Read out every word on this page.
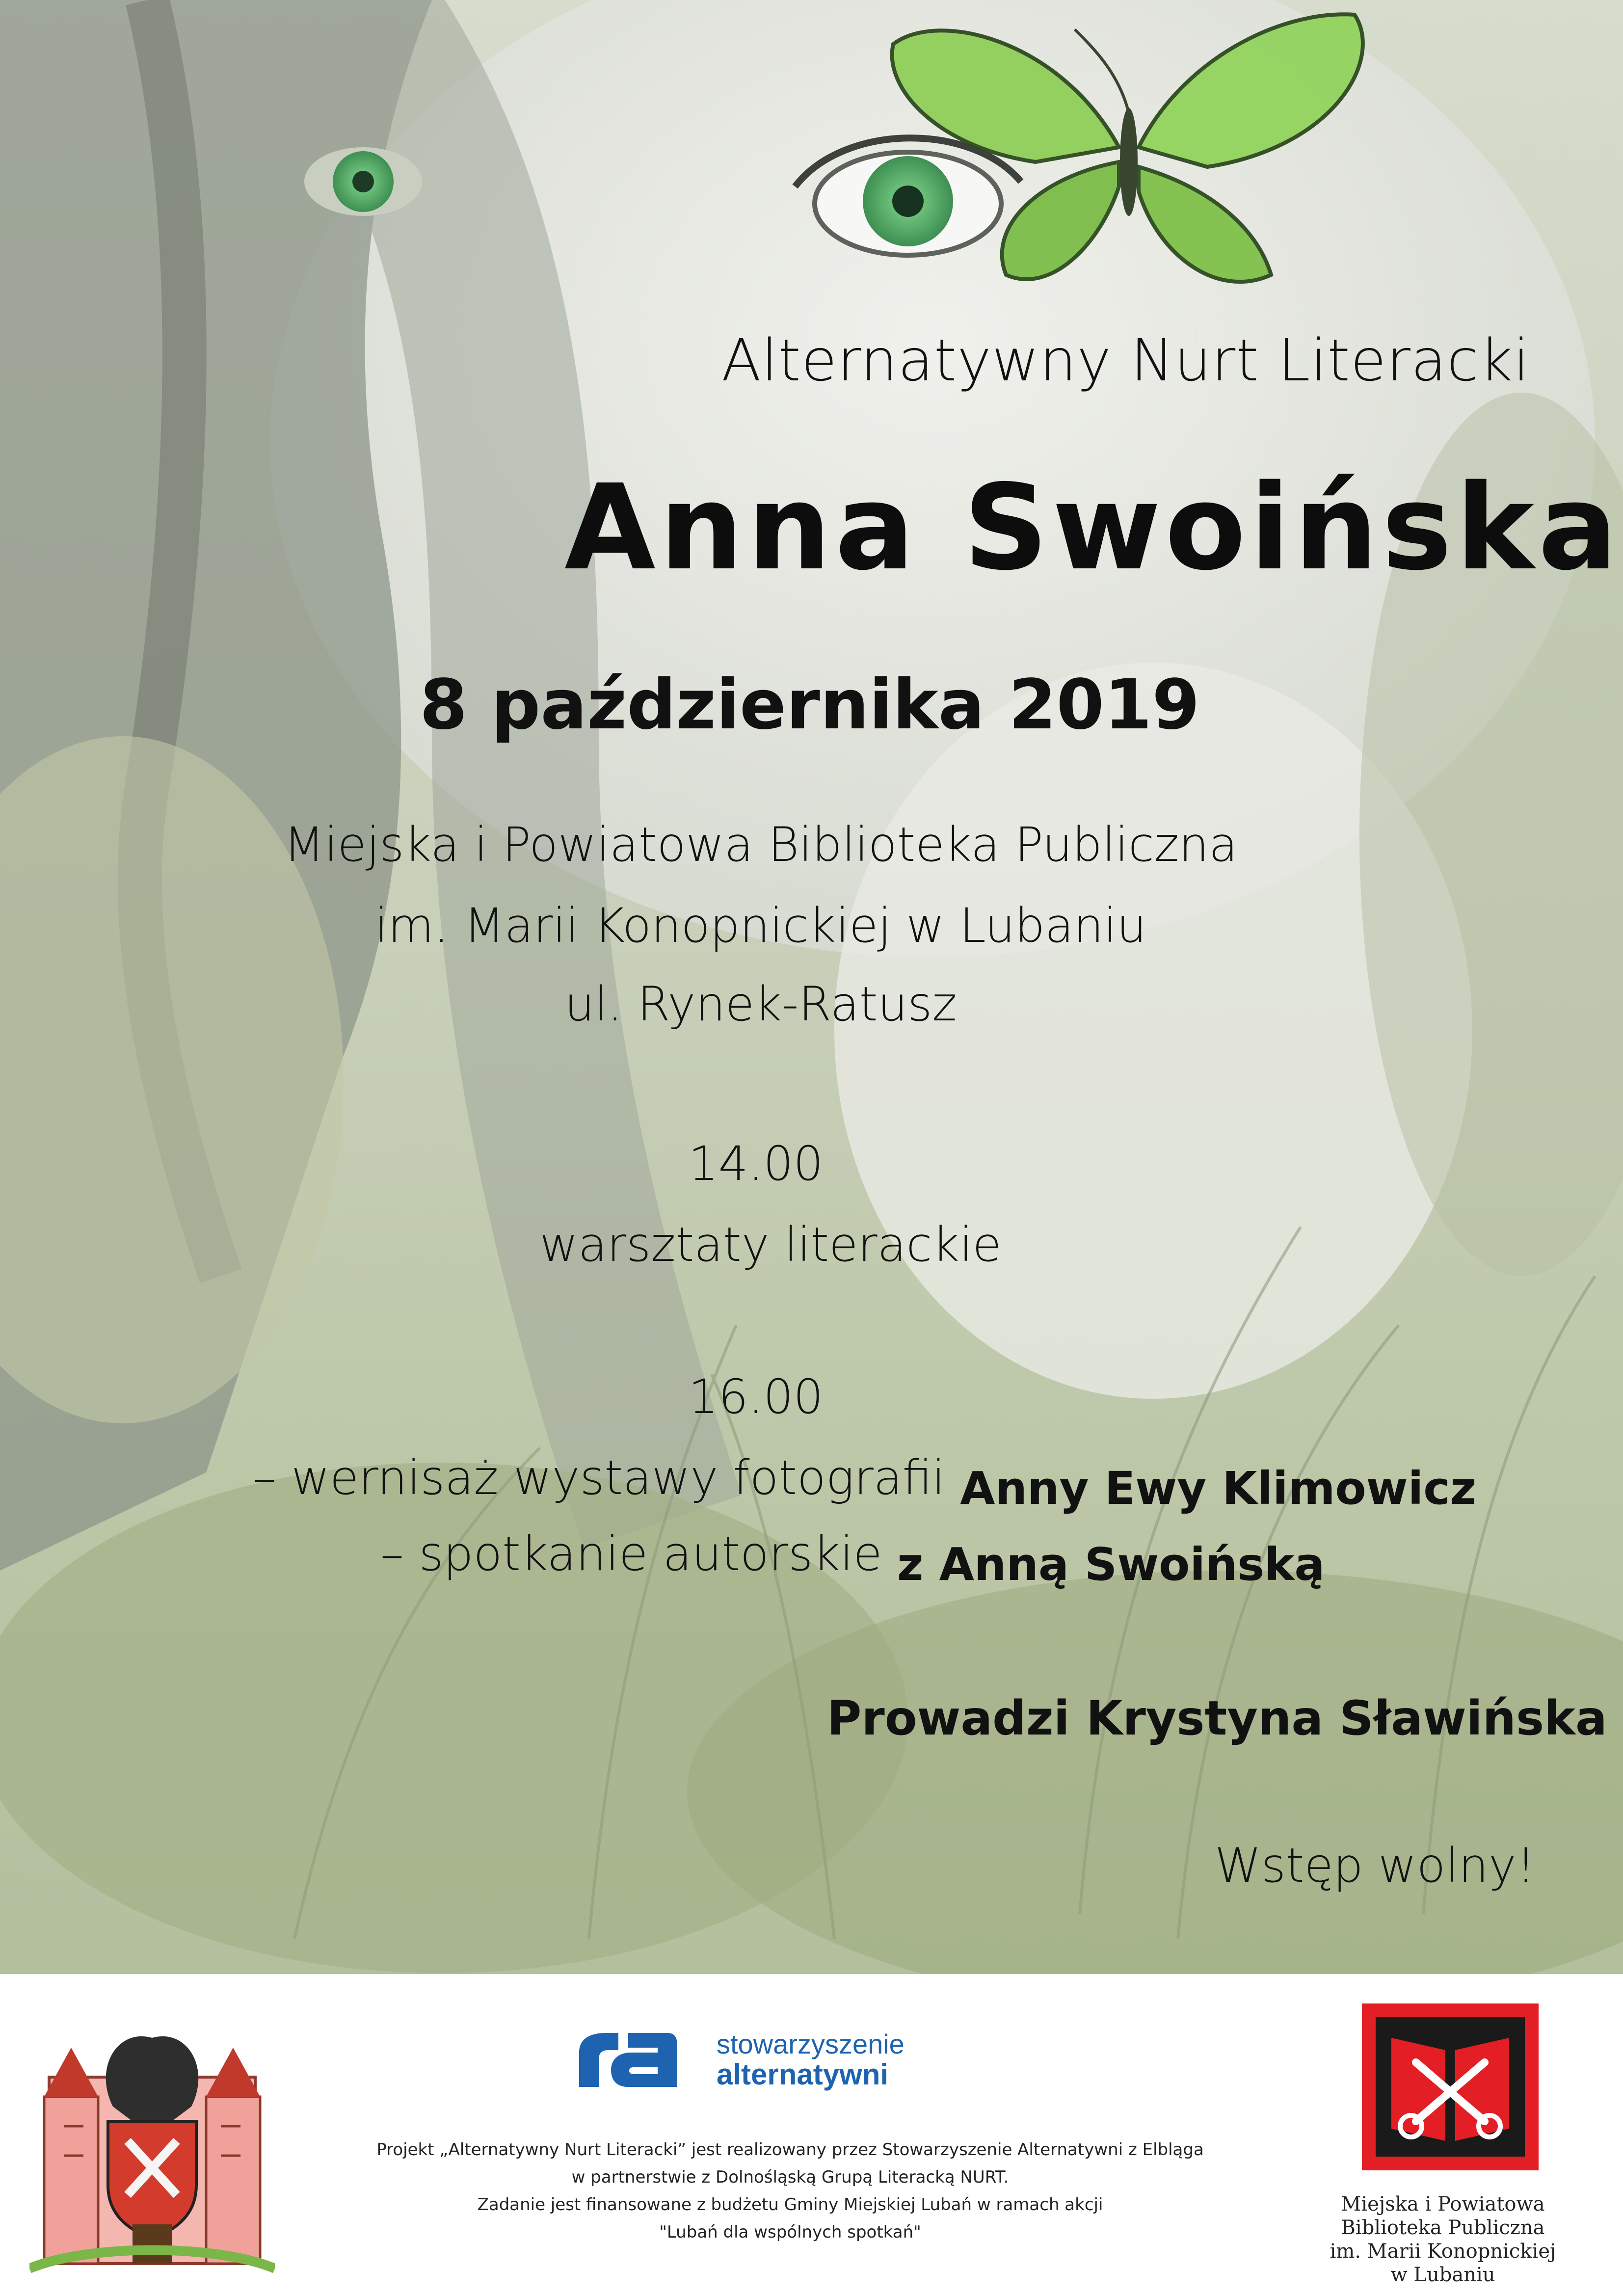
Alternatywny Nurt Literacki
Anna Swoińska
8 października 2019
Miejska i Powiatowa Biblioteka Publiczna
im. Marii Konopnickiej w Lubaniu
ul. Rynek-Ratusz
14.00
warsztaty literackie
16.00
– wernisaż wystawy fotografii Anny Ewy Klimowicz
– spotkanie autorskie z Anną Swoińską
Prowadzi Krystyna Sławińska
Wstęp wolny!
stowarzyszenie
alternatywni
Projekt „Alternatywny Nurt Literacki” jest realizowany przez Stowarzyszenie Alternatywni z Elbląga
w partnerstwie z Dolnośląską Grupą Literacką NURT.
Zadanie jest finansowane z budżetu Gminy Miejskiej Lubań w ramach akcji
"Lubań dla wspólnych spotkań"
Miejska i Powiatowa
Biblioteka Publiczna
im. Marii Konopnickiej
w Lubaniu
